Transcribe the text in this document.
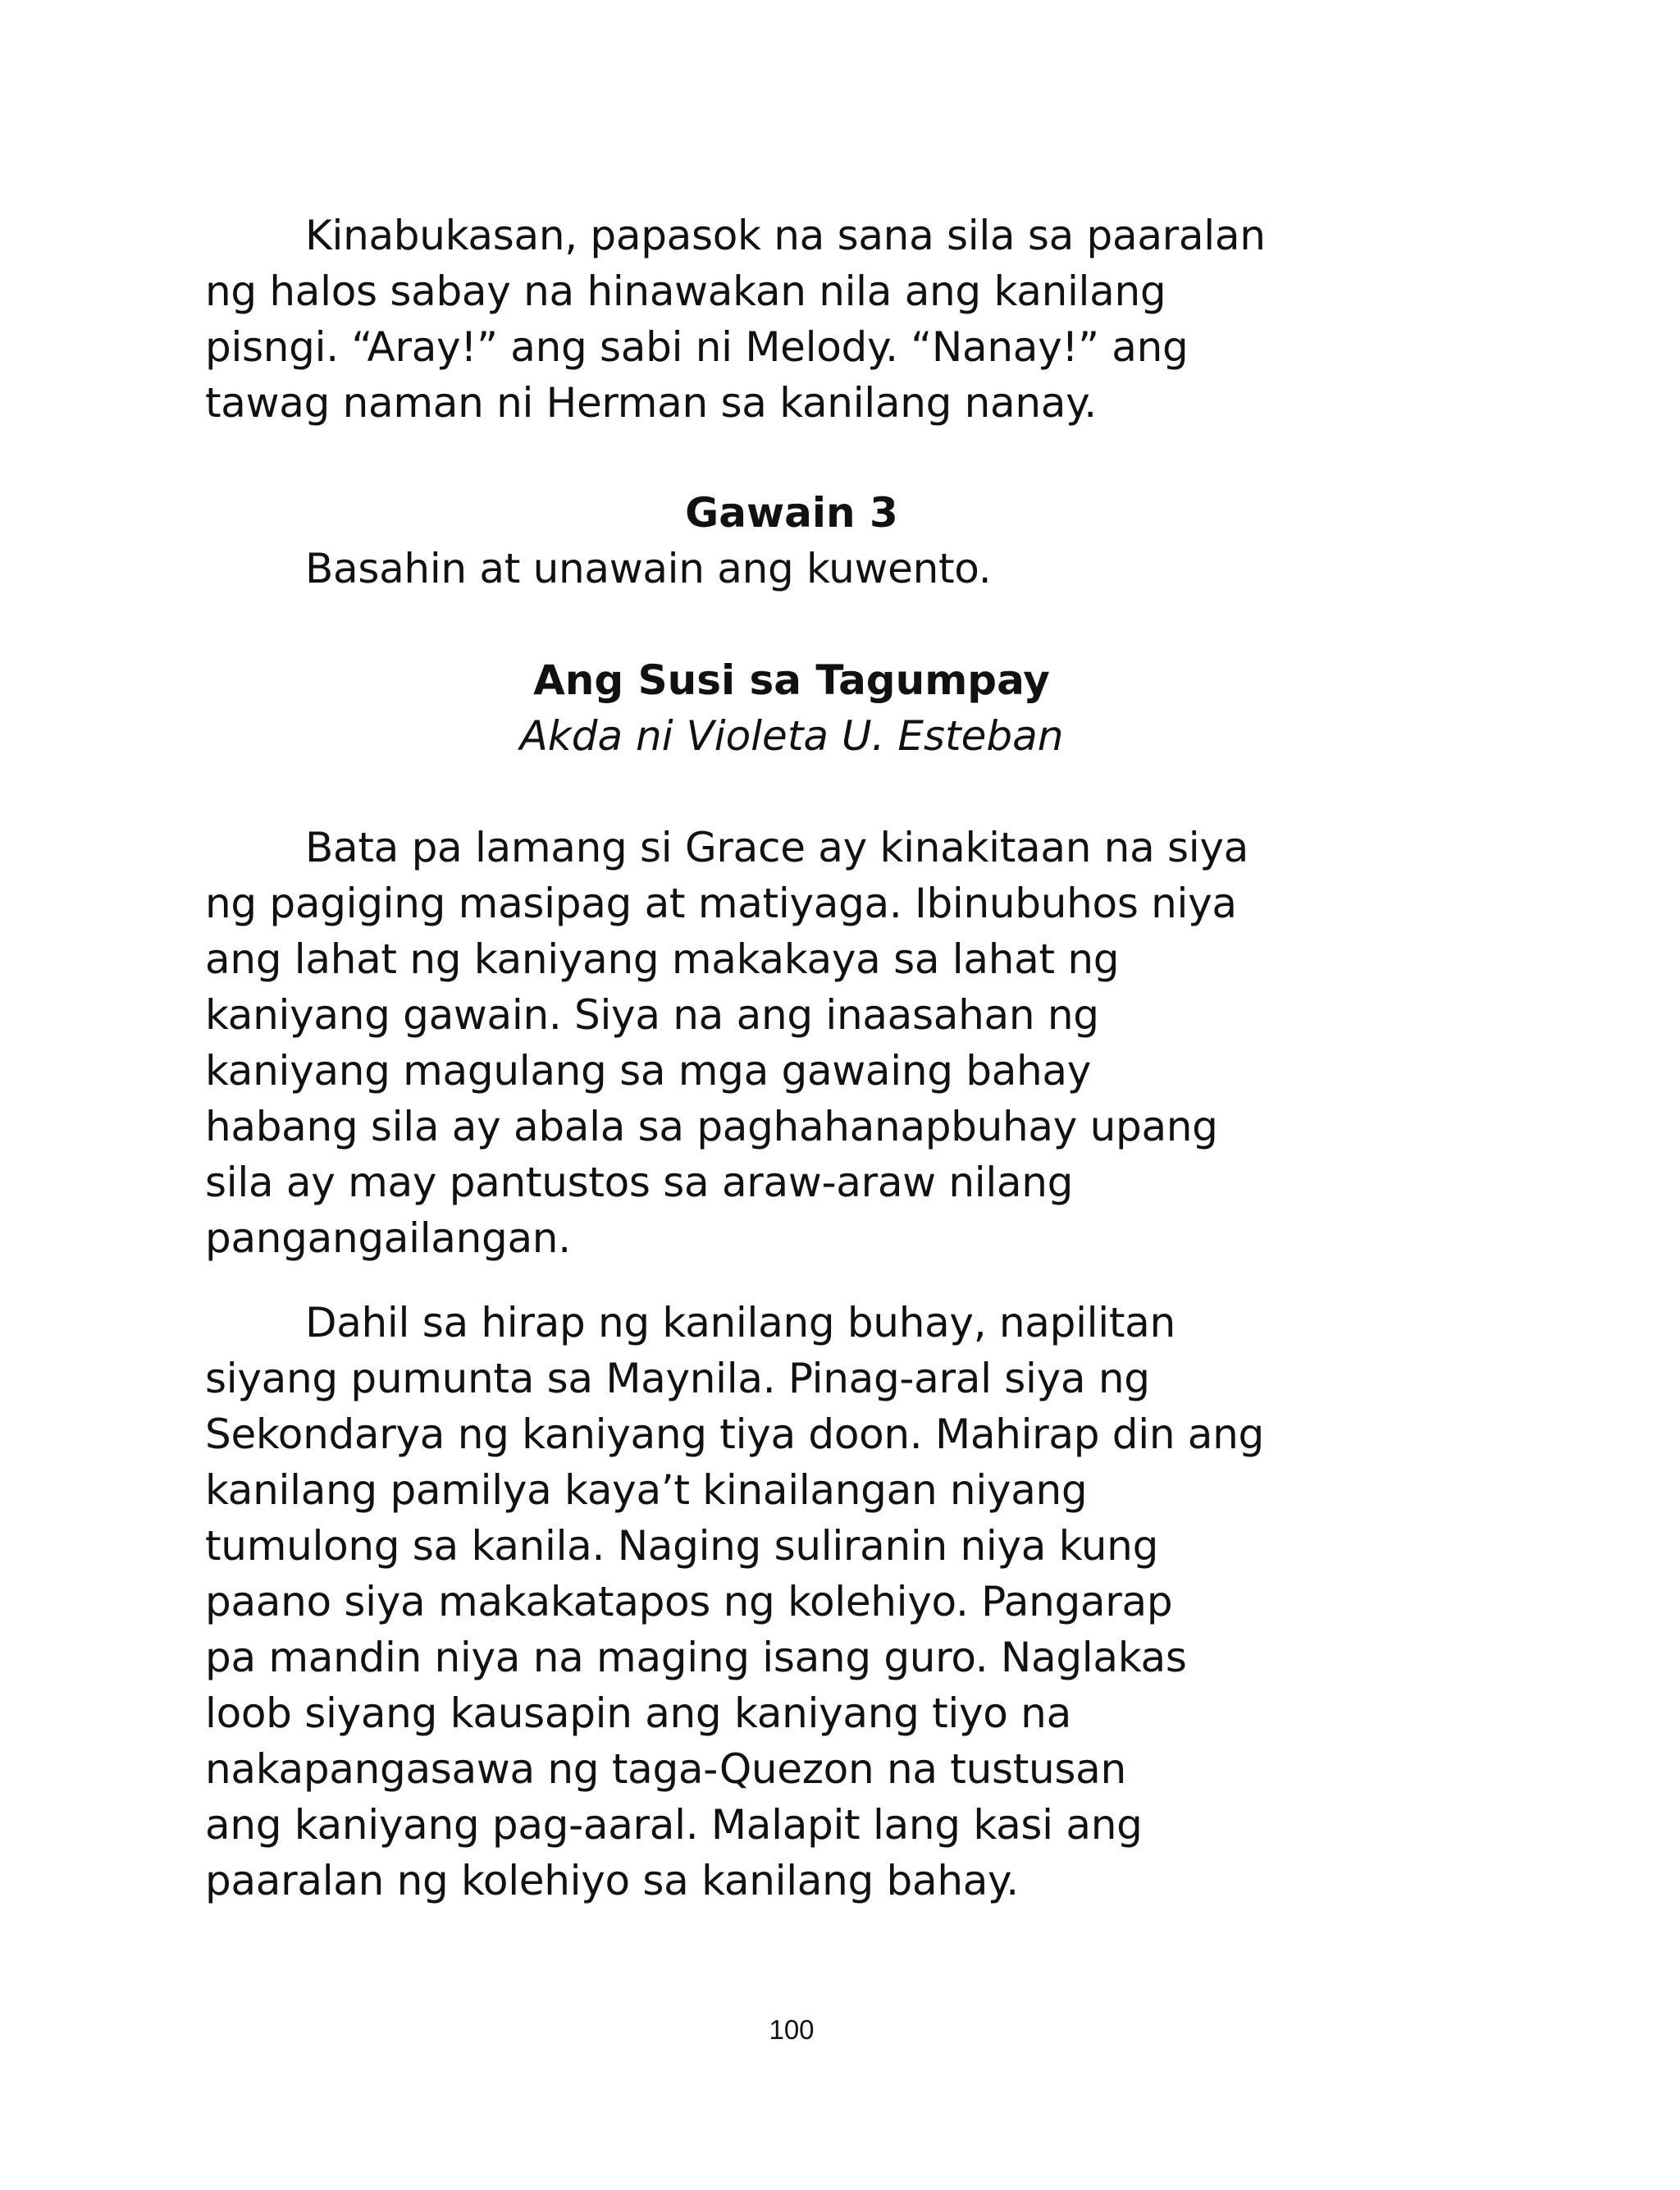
Kinabukasan, papasok na sana sila sa paaralan
ng halos sabay na hinawakan nila ang kanilang
pisngi. “Aray!” ang sabi ni Melody. “Nanay!” ang
tawag naman ni Herman sa kanilang nanay.
Gawain 3
Basahin at unawain ang kuwento.
Ang Susi sa Tagumpay
Akda ni Violeta U. Esteban
Bata pa lamang si Grace ay kinakitaan na siya
ng pagiging masipag at matiyaga. Ibinubuhos niya
ang lahat ng kaniyang makakaya sa lahat ng
kaniyang gawain. Siya na ang inaasahan ng
kaniyang magulang sa mga gawaing bahay
habang sila ay abala sa paghahanapbuhay upang
sila ay may pantustos sa araw-araw nilang
pangangailangan.
Dahil sa hirap ng kanilang buhay, napilitan
siyang pumunta sa Maynila. Pinag-aral siya ng
Sekondarya ng kaniyang tiya doon. Mahirap din ang
kanilang pamilya kaya’t kinailangan niyang
tumulong sa kanila. Naging suliranin niya kung
paano siya makakatapos ng kolehiyo. Pangarap
pa mandin niya na maging isang guro. Naglakas
loob siyang kausapin ang kaniyang tiyo na
nakapangasawa ng taga-Quezon na tustusan
ang kaniyang pag-aaral. Malapit lang kasi ang
paaralan ng kolehiyo sa kanilang bahay.
100
